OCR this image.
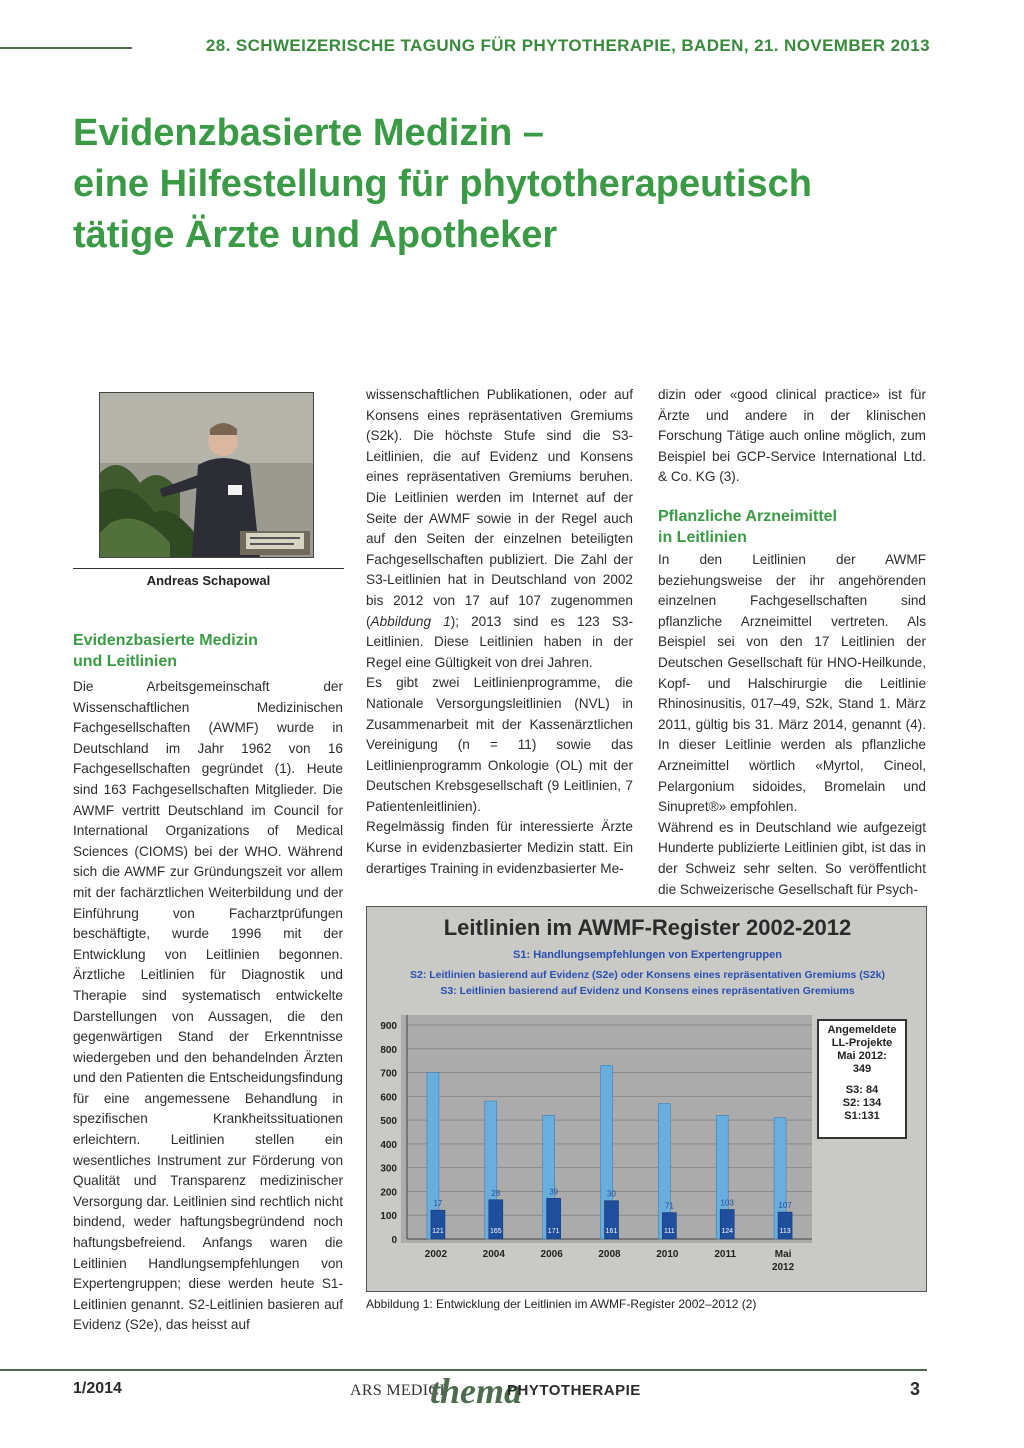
28. SCHWEIZERISCHE TAGUNG FÜR PHYTOTHERAPIE, BADEN, 21. NOVEMBER 2013
Evidenzbasierte Medizin –
eine Hilfestellung für phytotherapeutisch
tätige Ärzte und Apotheker
Andreas Schapowal
Evidenzbasierte Medizin
und Leitlinien

Die Arbeitsgemeinschaft der Wissenschaftlichen Medizinischen Fachgesellschaften (AWMF) wurde in Deutschland im Jahr 1962 von 16 Fachgesellschaften gegründet (1). Heute sind 163 Fachgesellschaften Mitglieder. Die AWMF vertritt Deutschland im Council for International Organizations of Medical Sciences (CIOMS) bei der WHO. Während sich die AWMF zur Gründungszeit vor allem mit der fachärztlichen Weiterbildung und der Einführung von Facharztprüfungen beschäftigte, wurde 1996 mit der Entwicklung von Leitlinien begonnen. Ärztliche Leitlinien für Diagnostik und Therapie sind systematisch entwickelte Darstellungen von Aussagen, die den gegenwärtigen Stand der Erkenntnisse wiedergeben und den behandelnden Ärzten und den Patienten die Entscheidungsfindung für eine angemessene Behandlung in spezifischen Krankheitssituationen erleichtern. Leitlinien stellen ein wesentliches Instrument zur Förderung von Qualität und Transparenz medizinischer Versorgung dar. Leitlinien sind rechtlich nicht bindend, weder haftungsbegründend noch haftungsbefreiend. Anfangs waren die Leitlinien Handlungsempfehlungen von Expertengruppen; diese werden heute S1-Leitlinien genannt. S2-Leitlinien basieren auf Evidenz (S2e), das heisst auf

wissenschaftlichen Publikationen, oder auf Konsens eines repräsentativen Gremiums (S2k). Die höchste Stufe sind die S3-Leitlinien, die auf Evidenz und Konsens eines repräsentativen Gremiums beruhen. Die Leitlinien werden im Internet auf der Seite der AWMF sowie in der Regel auch auf den Seiten der einzelnen beteiligten Fachgesellschaften publiziert. Die Zahl der S3-Leitlinien hat in Deutschland von 2002 bis 2012 von 17 auf 107 zugenommen (Abbildung 1); 2013 sind es 123 S3-Leitlinien. Diese Leitlinien haben in der Regel eine Gültigkeit von drei Jahren.

Es gibt zwei Leitlinienprogramme, die Nationale Versorgungsleitlinien (NVL) in Zusammenarbeit mit der Kassenärztlichen Vereinigung (n = 11) sowie das Leitlinienprogramm Onkologie (OL) mit der Deutschen Krebsgesellschaft (9 Leitlinien, 7 Patientenleitlinien).

Regelmässig finden für interessierte Ärzte Kurse in evidenzbasierter Medizin statt. Ein derartiges Training in evidenzbasierter Me-

dizin oder «good clinical practice» ist für Ärzte und andere in der klinischen Forschung Tätige auch online möglich, zum Beispiel bei GCP-Service International Ltd. & Co. KG (3).

Pflanzliche Arzneimittel
in Leitlinien

In den Leitlinien der AWMF beziehungsweise der ihr angehörenden einzelnen Fachgesellschaften sind pflanzliche Arzneimittel vertreten. Als Beispiel sei von den 17 Leitlinien der Deutschen Gesellschaft für HNO-Heilkunde, Kopf- und Halschirurgie die Leitlinie Rhinosinusitis, 017–49, S2k, Stand 1. März 2011, gültig bis 31. März 2014, genannt (4). In dieser Leitlinie werden als pflanzliche Arzneimittel wörtlich «Myrtol, Cineol, Pelargonium sidoides, Bromelain und Sinupret®» empfohlen.

Während es in Deutschland wie aufgezeigt Hunderte publizierte Leitlinien gibt, ist das in der Schweiz sehr selten. So veröffentlicht die Schweizerische Gesellschaft für Psych-

0
100
200
300
400
500
600
700
800
900
17
121
2002
28
165
2004
39
171
2006
30
161
2008
71
111
2010
103
124
2011
107
113
Mai
2012
Leitlinien im AWMF-Register 2002-2012
S1: Handlungsempfehlungen von Expertengruppen
S2: Leitlinien basierend auf Evidenz (S2e) oder Konsens eines repräsentativen Gremiums (S2k)
S3: Leitlinien basierend auf Evidenz und Konsens eines repräsentativen Gremiums
Angemeldete
LL-Projekte
Mai 2012:
349
S3: 84
S2: 134
S1:131
Abbildung 1: Entwicklung der Leitlinien im AWMF-Register 2002–2012 (2)
1/2014	ARS MEDICI
thema
PHYTOTHERAPIE	3
